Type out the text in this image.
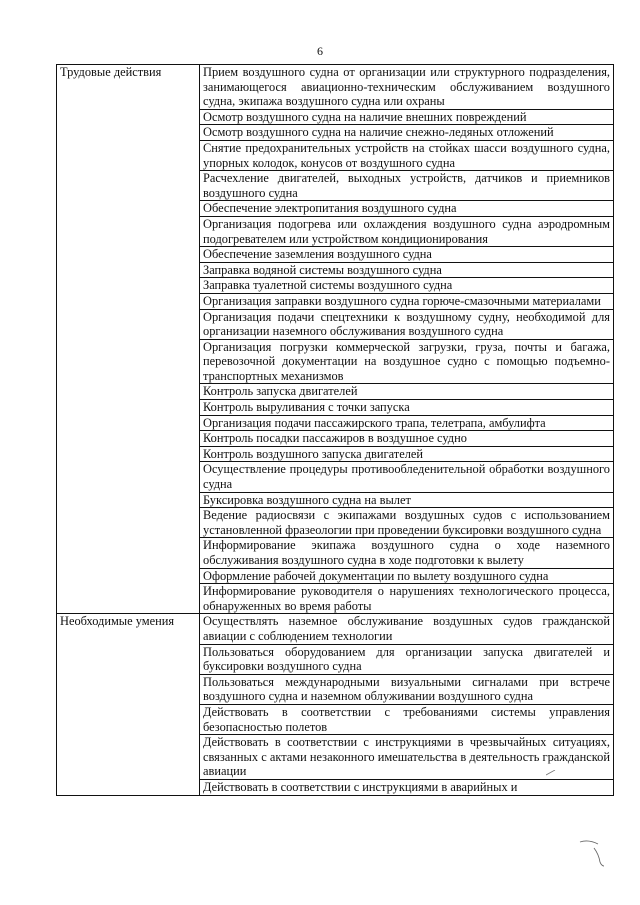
6
Трудовые действия	Прием воздушного судна от организации или структурного подразделения, занимающегося авиационно-техническим обслуживанием воздушного судна, экипажа воздушного судна или охраны
	Осмотр воздушного судна на наличие внешних повреждений
	Осмотр воздушного судна на наличие снежно-ледяных отложений
	Снятие предохранительных устройств на стойках шасси воздушного судна, упорных колодок, конусов от воздушного судна
	Расчехление двигателей, выходных устройств, датчиков и приемников воздушного судна
	Обеспечение электропитания воздушного судна
	Организация подогрева или охлаждения воздушного судна аэродромным подогревателем или устройством кондиционирования
	Обеспечение заземления воздушного судна
	Заправка водяной системы воздушного судна
	Заправка туалетной системы воздушного судна
	Организация заправки воздушного судна горюче-смазочными материалами
	Организация подачи спецтехники к воздушному судну, необходимой для организации наземного обслуживания воздушного судна
	Организация погрузки коммерческой загрузки, груза, почты и багажа, перевозочной документации на воздушное судно с помощью подъемно-транспортных механизмов
	Контроль запуска двигателей
	Контроль выруливания с точки запуска
	Организация подачи пассажирского трапа, телетрапа, амбулифта
	Контроль посадки пассажиров в воздушное судно
	Контроль воздушного запуска двигателей
	Осуществление процедуры противообледенительной обработки воздушного судна
	Буксировка воздушного судна на вылет
	Ведение радиосвязи с экипажами воздушных судов с использованием установленной фразеологии при проведении буксировки воздушного судна
	Информирование экипажа воздушного судна о ходе наземного обслуживания воздушного судна в ходе подготовки к вылету
	Оформление рабочей документации по вылету воздушного судна
	Информирование руководителя о нарушениях технологического процесса, обнаруженных во время работы
Необходимые умения	Осуществлять наземное обслуживание воздушных судов гражданской авиации с соблюдением технологии
	Пользоваться оборудованием для организации запуска двигателей и буксировки воздушного судна
	Пользоваться международными визуальными сигналами при встрече воздушного судна и наземном облуживании воздушного судна
	Действовать в соответствии с требованиями системы управления безопасностью полетов
	Действовать в соответствии с инструкциями в чрезвычайных ситуациях, связанных с актами незаконного имешательства в деятельность гражданской авиации
	Действовать в соответствии с инструкциями в аварийных и
